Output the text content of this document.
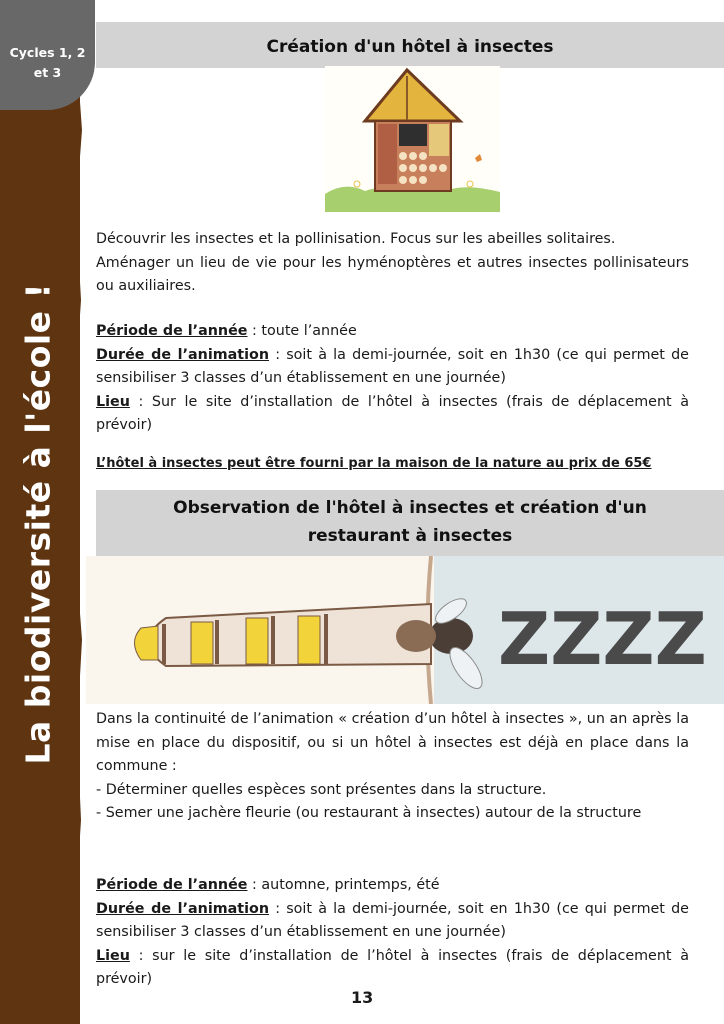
Cycles 1, 2
et 3
La biodiversité à l'école !
Création d'un hôtel à insectes

Découvrir les insectes et la pollinisation. Focus sur les abeilles solitaires.

Aménager un lieu de vie pour les hyménoptères et autres insectes pollinisateurs ou auxiliaires.

Période de l’année : toute l’année

Durée de l’animation : soit à la demi-journée, soit en 1h30 (ce qui permet de sensibiliser 3 classes d’un établissement en une journée)

Lieu : Sur le site d’installation de l’hôtel à insectes (frais de déplacement à prévoir)

L’hôtel à insectes peut être fourni par la maison de la nature au prix de 65€
Observation de l'hôtel à insectes et création d'un
restaurant à insectes
ZZZZ

Dans la continuité de l’animation « création d’un hôtel à insectes », un an après la mise en place du dispositif, ou si un hôtel à insectes est déjà en place dans la commune :

- Déterminer quelles espèces sont présentes dans la structure.

- Semer une jachère fleurie (ou restaurant à insectes) autour de la structure

Période de l’année : automne, printemps, été

Durée de l’animation : soit à la demi-journée, soit en 1h30 (ce qui permet de sensibiliser 3 classes d’un établissement en une journée)

Lieu : sur le site d’installation de l’hôtel à insectes (frais de déplacement à prévoir)

13
